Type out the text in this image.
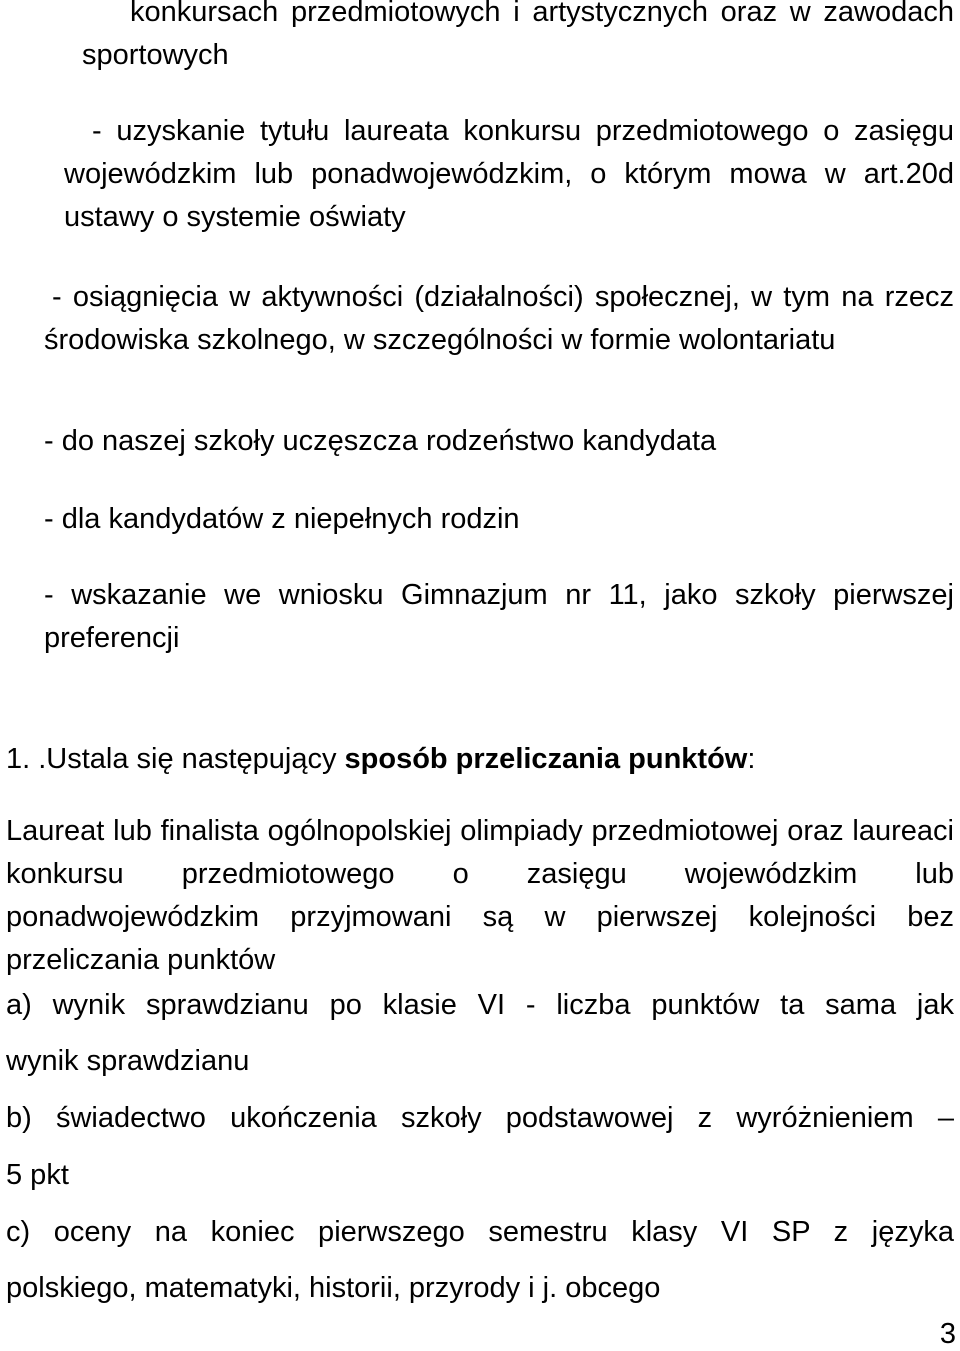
konkursach przedmiotowych i artystycznych oraz w zawodach sportowych

- uzyskanie tytułu laureata konkursu przedmiotowego o zasięgu wojewódzkim lub ponadwojewódzkim, o którym mowa w art.20d ustawy o systemie oświaty

- osiągnięcia w aktywności (działalności) społecznej, w tym na rzecz środowiska szkolnego, w szczególności w formie wolontariatu

- do naszej szkoły uczęszcza rodzeństwo kandydata
- dla kandydatów z niepełnych rodzin

- wskazanie we wniosku Gimnazjum nr 11, jako szkoły pierwszej preferencji

1. .Ustala się następujący sposób przeliczania punktów:

Laureat lub finalista ogólnopolskiej olimpiady przedmiotowej oraz laureaci konkursu przedmiotowego o zasięgu wojewódzkim lub ponadwojewódzkim przyjmowani są w pierwszej kolejności bez przeliczania punktów

a) wynik sprawdzianu po klasie VI - liczba punktów ta sama jak
wynik sprawdzianu
b) świadectwo ukończenia szkoły podstawowej z wyróżnieniem –
5 pkt
c) oceny na koniec pierwszego semestru klasy VI SP z języka
polskiego, matematyki, historii, przyrody i j. obcego
3
